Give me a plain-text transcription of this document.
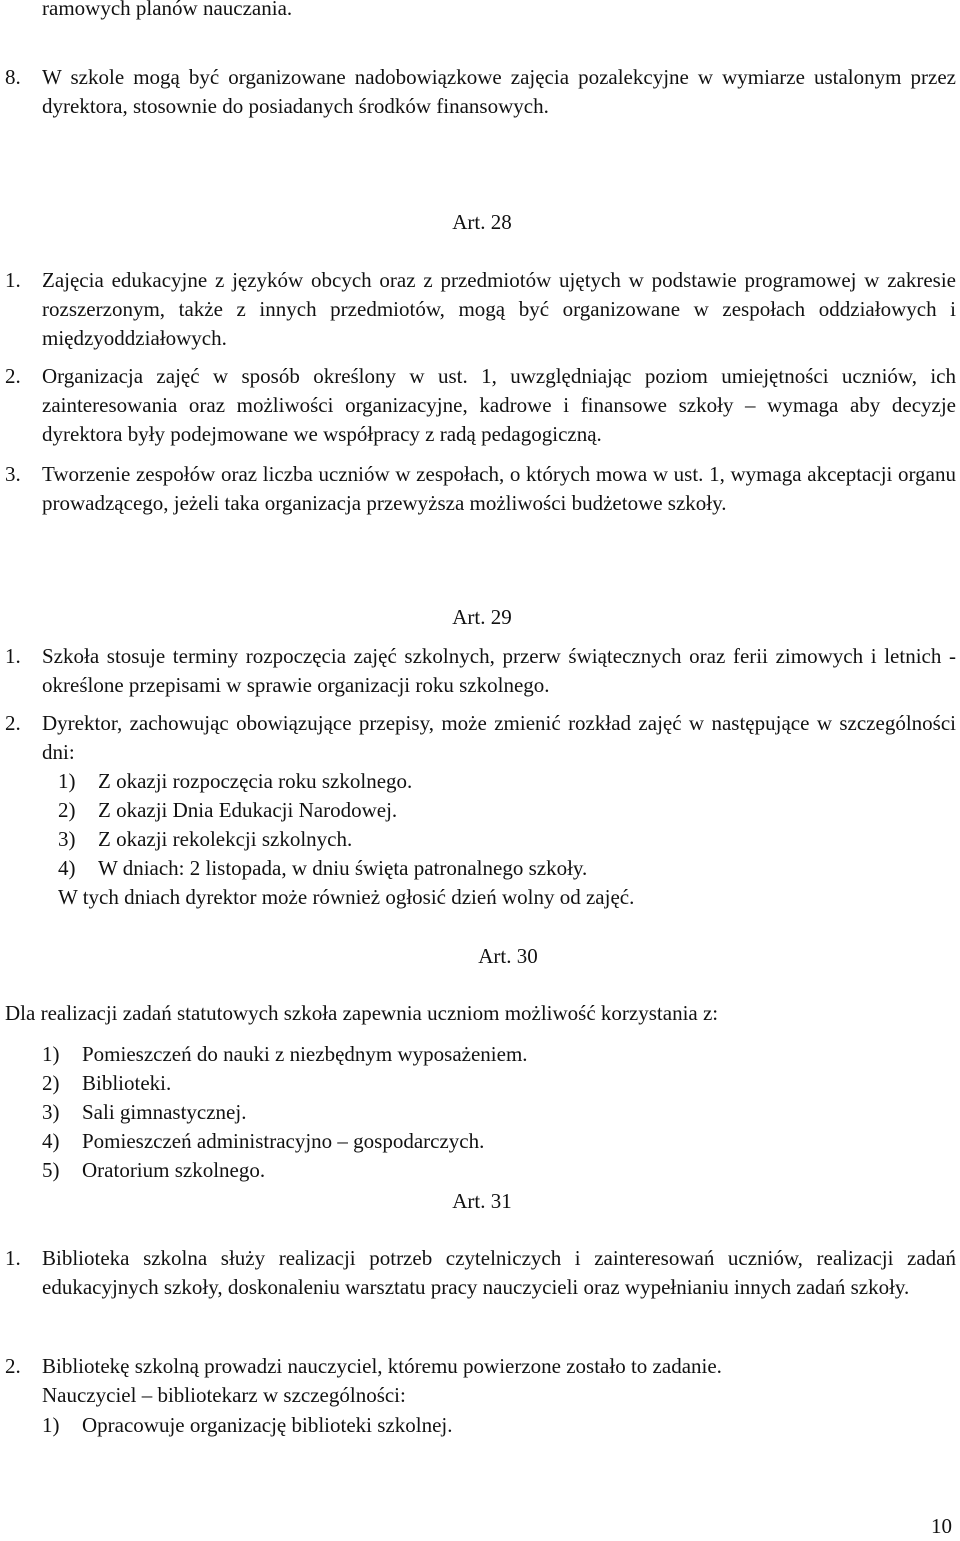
ramowych planów nauczania.
8. W szkole mogą być organizowane nadobowiązkowe zajęcia pozalekcyjne w wymiarze ustalonym przez dyrektora, stosownie do posiadanych środków finansowych.

Art. 28
1. Zajęcia edukacyjne z języków obcych oraz z przedmiotów ujętych w podstawie programowej w zakresie rozszerzonym, także z innych przedmiotów, mogą być organizowane w zespołach oddziałowych i międzyoddziałowych.

2. Organizacja zajęć w sposób określony w ust. 1, uwzględniając poziom umiejętności uczniów, ich zainteresowania oraz możliwości organizacyjne, kadrowe i finansowe szkoły – wymaga aby decyzje dyrektora były podejmowane we współpracy z radą pedagogiczną.

3. Tworzenie zespołów oraz liczba uczniów w zespołach, o których mowa w ust. 1, wymaga akceptacji organu prowadzącego, jeżeli taka organizacja przewyższa możliwości budżetowe szkoły.

Art. 29
1. Szkoła stosuje terminy rozpoczęcia zajęć szkolnych, przerw świątecznych oraz ferii zimowych i letnich - określone przepisami w sprawie organizacji roku szkolnego.

2. Dyrektor, zachowując obowiązujące przepisy, może zmienić rozkład zajęć w następujące w szczególności dni:

1) Z okazji rozpoczęcia roku szkolnego.
2) Z okazji Dnia Edukacji Narodowej.
3) Z okazji rekolekcji szkolnych.
4) W dniach: 2 listopada, w dniu święta patronalnego szkoły.
W tych dniach dyrektor może również ogłosić dzień wolny od zajęć.
Art. 30
Dla realizacji zadań statutowych szkoła zapewnia uczniom możliwość korzystania z:
1) Pomieszczeń do nauki z niezbędnym wyposażeniem.
2) Biblioteki.
3) Sali gimnastycznej.
4) Pomieszczeń administracyjno – gospodarczych.
5) Oratorium szkolnego.
Art. 31
1. Biblioteka szkolna służy realizacji potrzeb czytelniczych i zainteresowań uczniów, realizacji zadań edukacyjnych szkoły, doskonaleniu warsztatu pracy nauczycieli oraz wypełnianiu innych zadań szkoły.

2. Bibliotekę szkolną prowadzi nauczyciel, któremu powierzone zostało to zadanie.
Nauczyciel – bibliotekarz w szczególności:
1) Opracowuje organizację biblioteki szkolnej.
10
